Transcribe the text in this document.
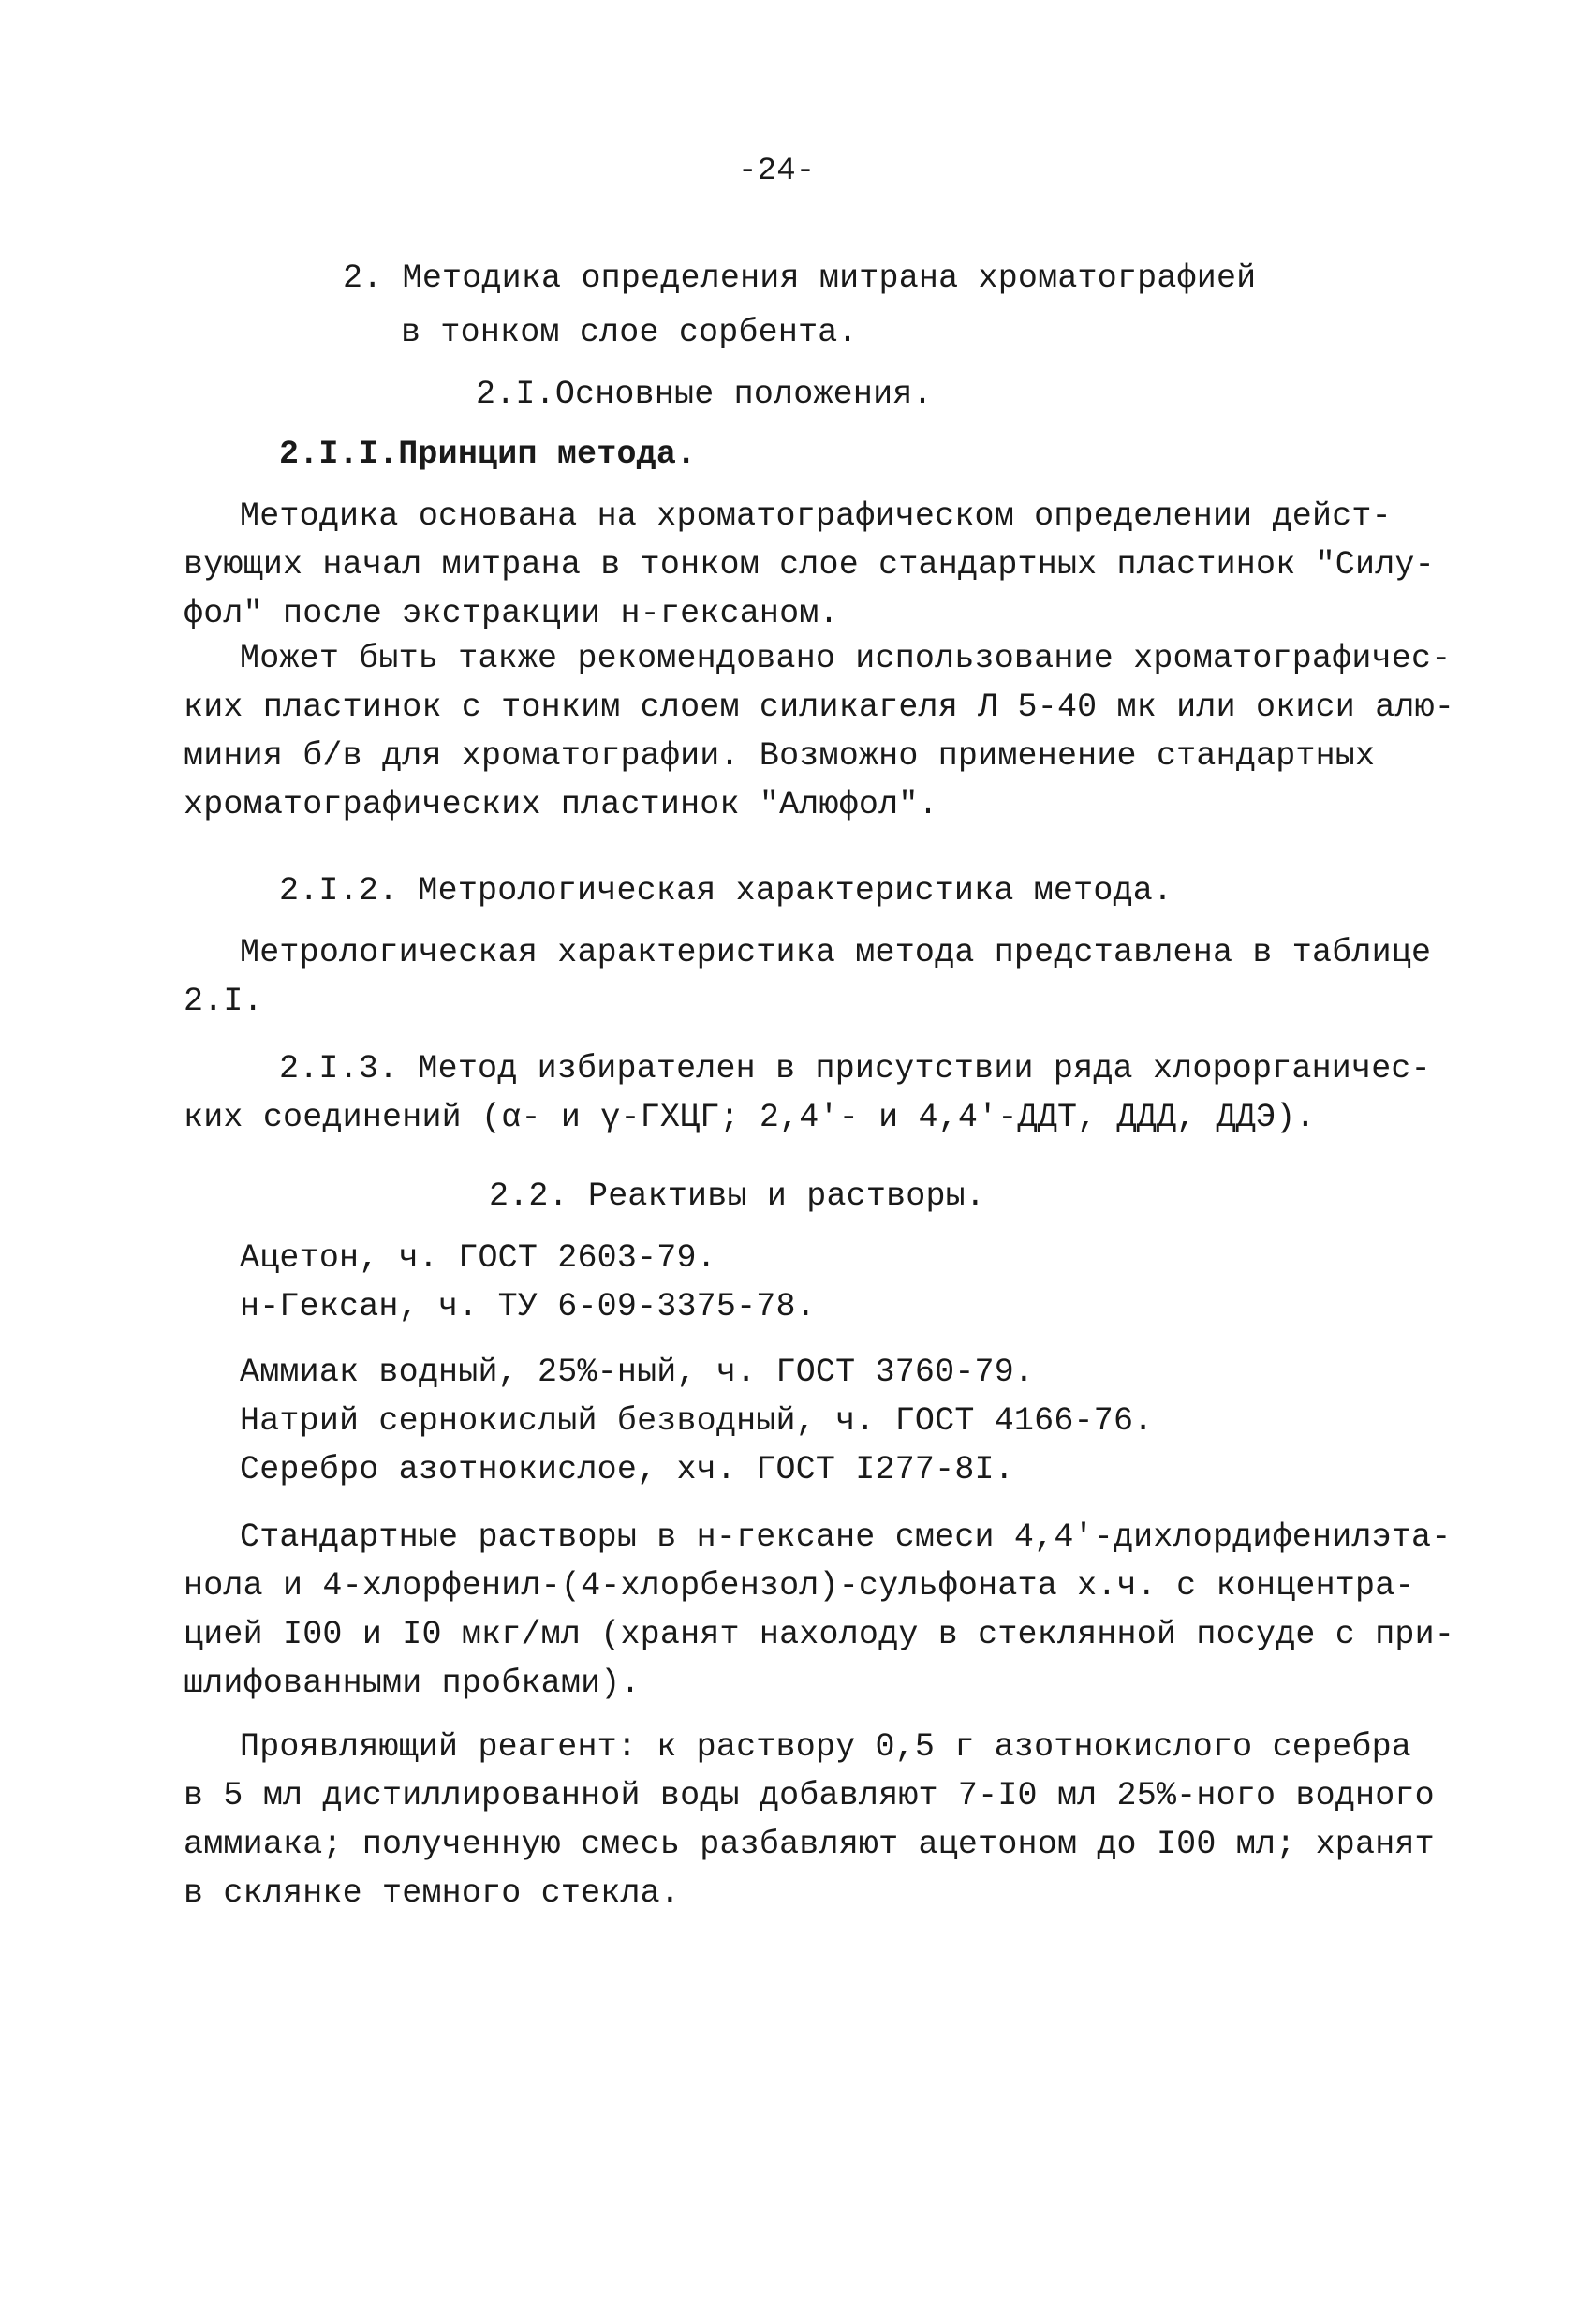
-24-
2. Методика определения митрана хроматографией
в тонком слое сорбента.
2.I.Основные положения.
2.I.I.Принцип метода.
Методика основана на хроматографическом определении дейст-
вующих начал митрана в тонком слое стандартных пластинок "Силу-
фол" после экстракции н-гексаном.
Может быть также рекомендовано использование хроматографичес-
ких пластинок с тонким слоем силикагеля Л 5-40 мк или окиси алю-
миния б/в для хроматографии. Возможно применение стандартных
хроматографических пластинок "Алюфол".
2.I.2. Метрологическая характеристика метода.
Метрологическая характеристика метода представлена в таблице
2.I.
2.I.3. Метод избирателен в присутствии ряда хлорорганичес-
ких соединений (α- и γ-ГХЦГ; 2,4'- и 4,4'-ДДТ, ДДД, ДДЭ).
2.2. Реактивы и растворы.
Ацетон, ч. ГОСТ 2603-79.
н-Гексан, ч. ТУ 6-09-3375-78.
Аммиак водный, 25%-ный, ч. ГОСТ 3760-79.
Натрий сернокислый безводный, ч. ГОСТ 4166-76.
Серебро азотнокислое, хч. ГОСТ I277-8I.
Стандартные растворы в н-гексане смеси 4,4'-дихлордифенилэта-
нола и 4-хлорфенил-(4-хлорбензол)-сульфоната х.ч. с концентра-
цией I00 и I0 мкг/мл (хранят нахолоду в стеклянной посуде с при-
шлифованными пробками).
Проявляющий реагент: к раствору 0,5 г азотнокислого серебра
в 5 мл дистиллированной воды добавляют 7-I0 мл 25%-ного водного
аммиака; полученную смесь разбавляют ацетоном до I00 мл; хранят
в склянке темного стекла.
